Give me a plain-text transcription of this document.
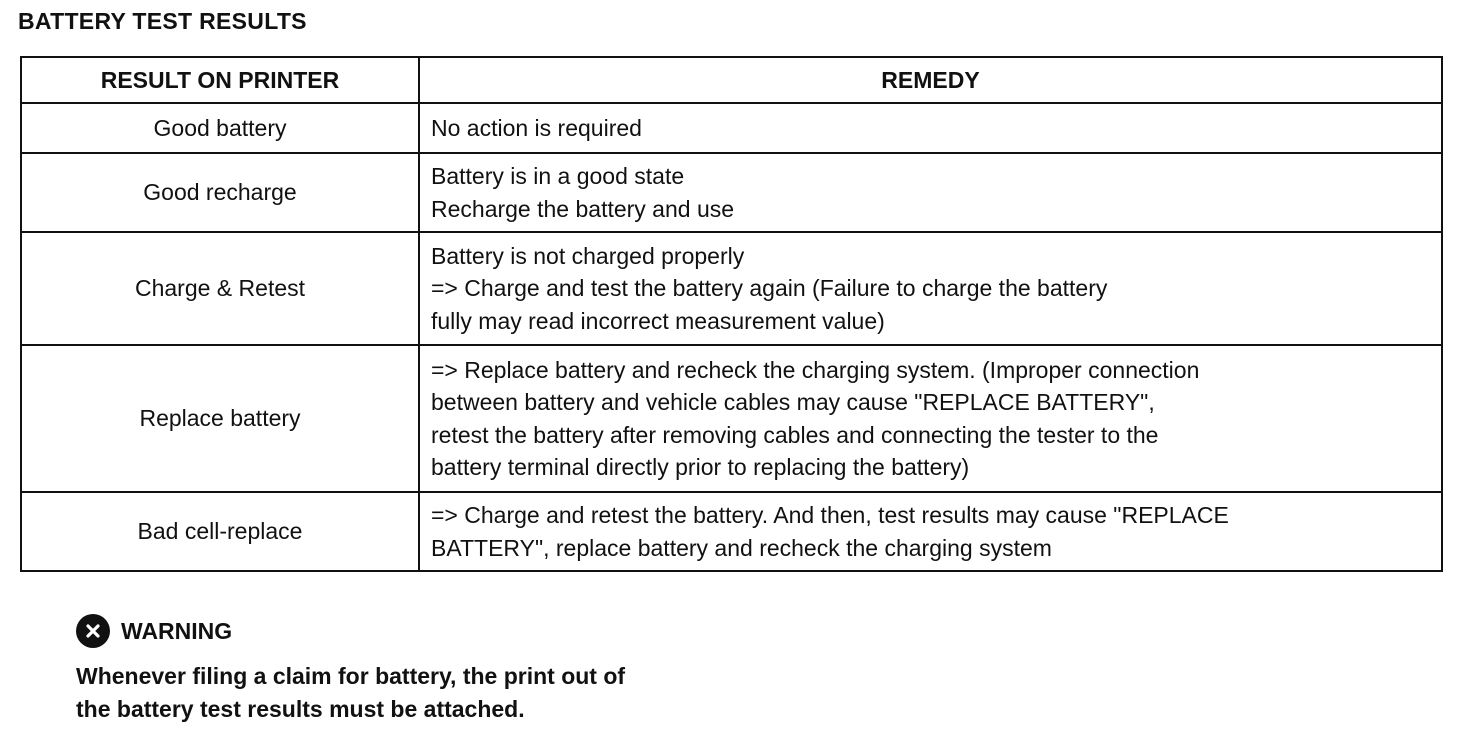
BATTERY TEST RESULTS
RESULT ON PRINTER	REMEDY
Good battery	No action is required

Good recharge	Battery is in a good state
Recharge the battery and use

Charge & Retest	Battery is not charged properly
=> Charge and test the battery again (Failure to charge the battery
fully may read incorrect measurement value)

Replace battery	=> Replace battery and recheck the charging system. (Improper connection
between battery and vehicle cables may cause "REPLACE BATTERY",
retest the battery after removing cables and connecting the tester to the
battery terminal directly prior to replacing the battery)

Bad cell-replace	=> Charge and retest the battery. And then, test results may cause "REPLACE
BATTERY", replace battery and recheck the charging system
WARNING
Whenever filing a claim for battery, the print out of
the battery test results must be attached.
